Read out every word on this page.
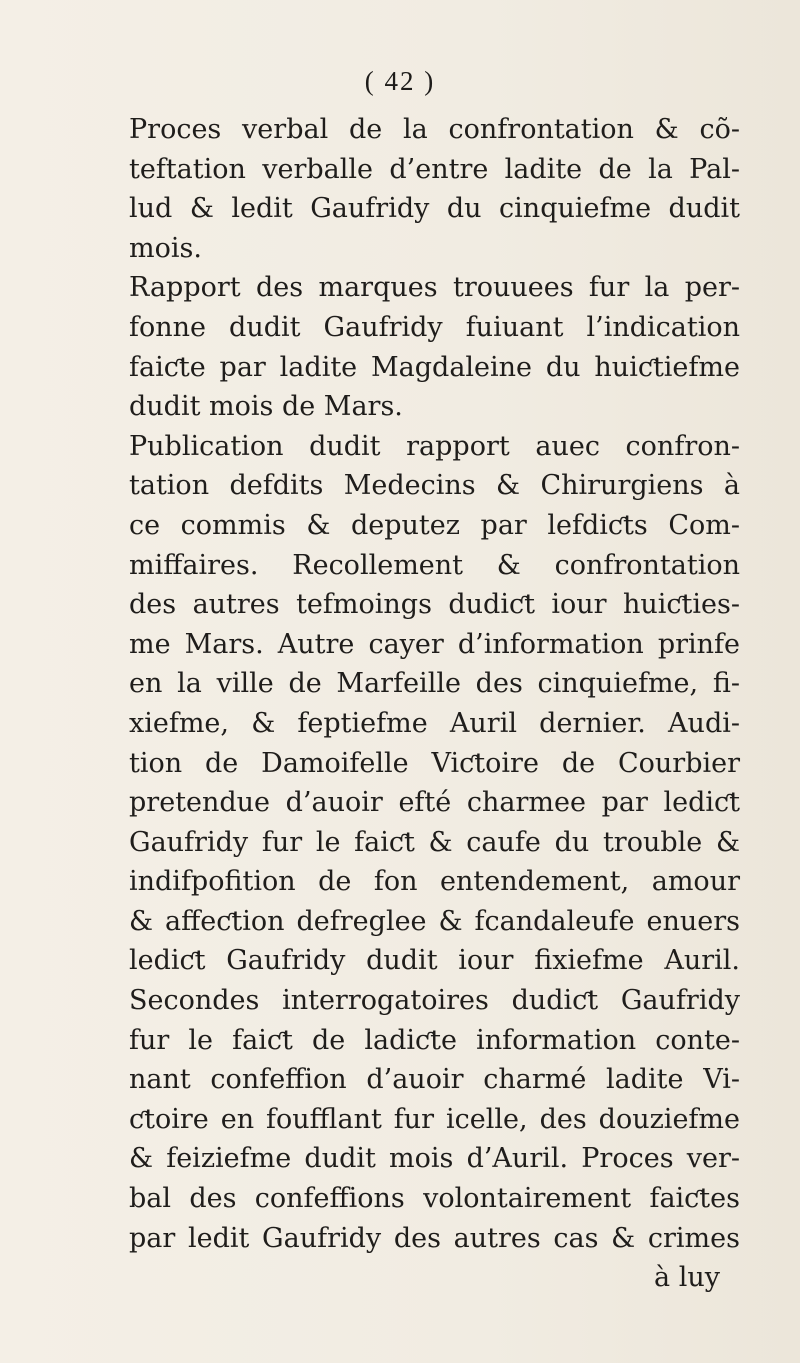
( 42 )
Proces verbal de la confrontation & cõ-
teftation verballe d’entre ladite de la Pal-
lud & ledit Gaufridy du cinquiefme dudit
mois.
Rapport des marques trouuees fur la per-
fonne dudit Gaufridy fuiuant l’indication
faiƈte par ladite Magdaleine du huiƈtiefme
dudit mois de Mars.
Publication dudit rapport auec confron-
tation defdits Medecins & Chirurgiens à
ce commis & deputez par lefdiƈts Com-
miffaires. Recollement & confrontation
des autres tefmoings dudiƈt iour huiƈties-
me Mars. Autre cayer d’information prinfe
en la ville de Marfeille des cinquiefme, fi-
xiefme, & feptiefme Auril dernier. Audi-
tion de Damoifelle Viƈtoire de Courbier
pretendue d’auoir efté charmee par lediƈt
Gaufridy fur le faiƈt & caufe du trouble &
indifpofition de fon entendement, amour
& affeƈtion defreglee & fcandaleufe enuers
lediƈt Gaufridy dudit iour fixiefme Auril.
Secondes interrogatoires dudiƈt Gaufridy
fur le faiƈt de ladiƈte information conte-
nant confeffion d’auoir charmé ladite Vi-
ƈtoire en foufflant fur icelle, des douziefme
& feiziefme dudit mois d’Auril. Proces ver-
bal des confeffions volontairement faiƈtes
par ledit Gaufridy des autres cas & crimes
à luy
